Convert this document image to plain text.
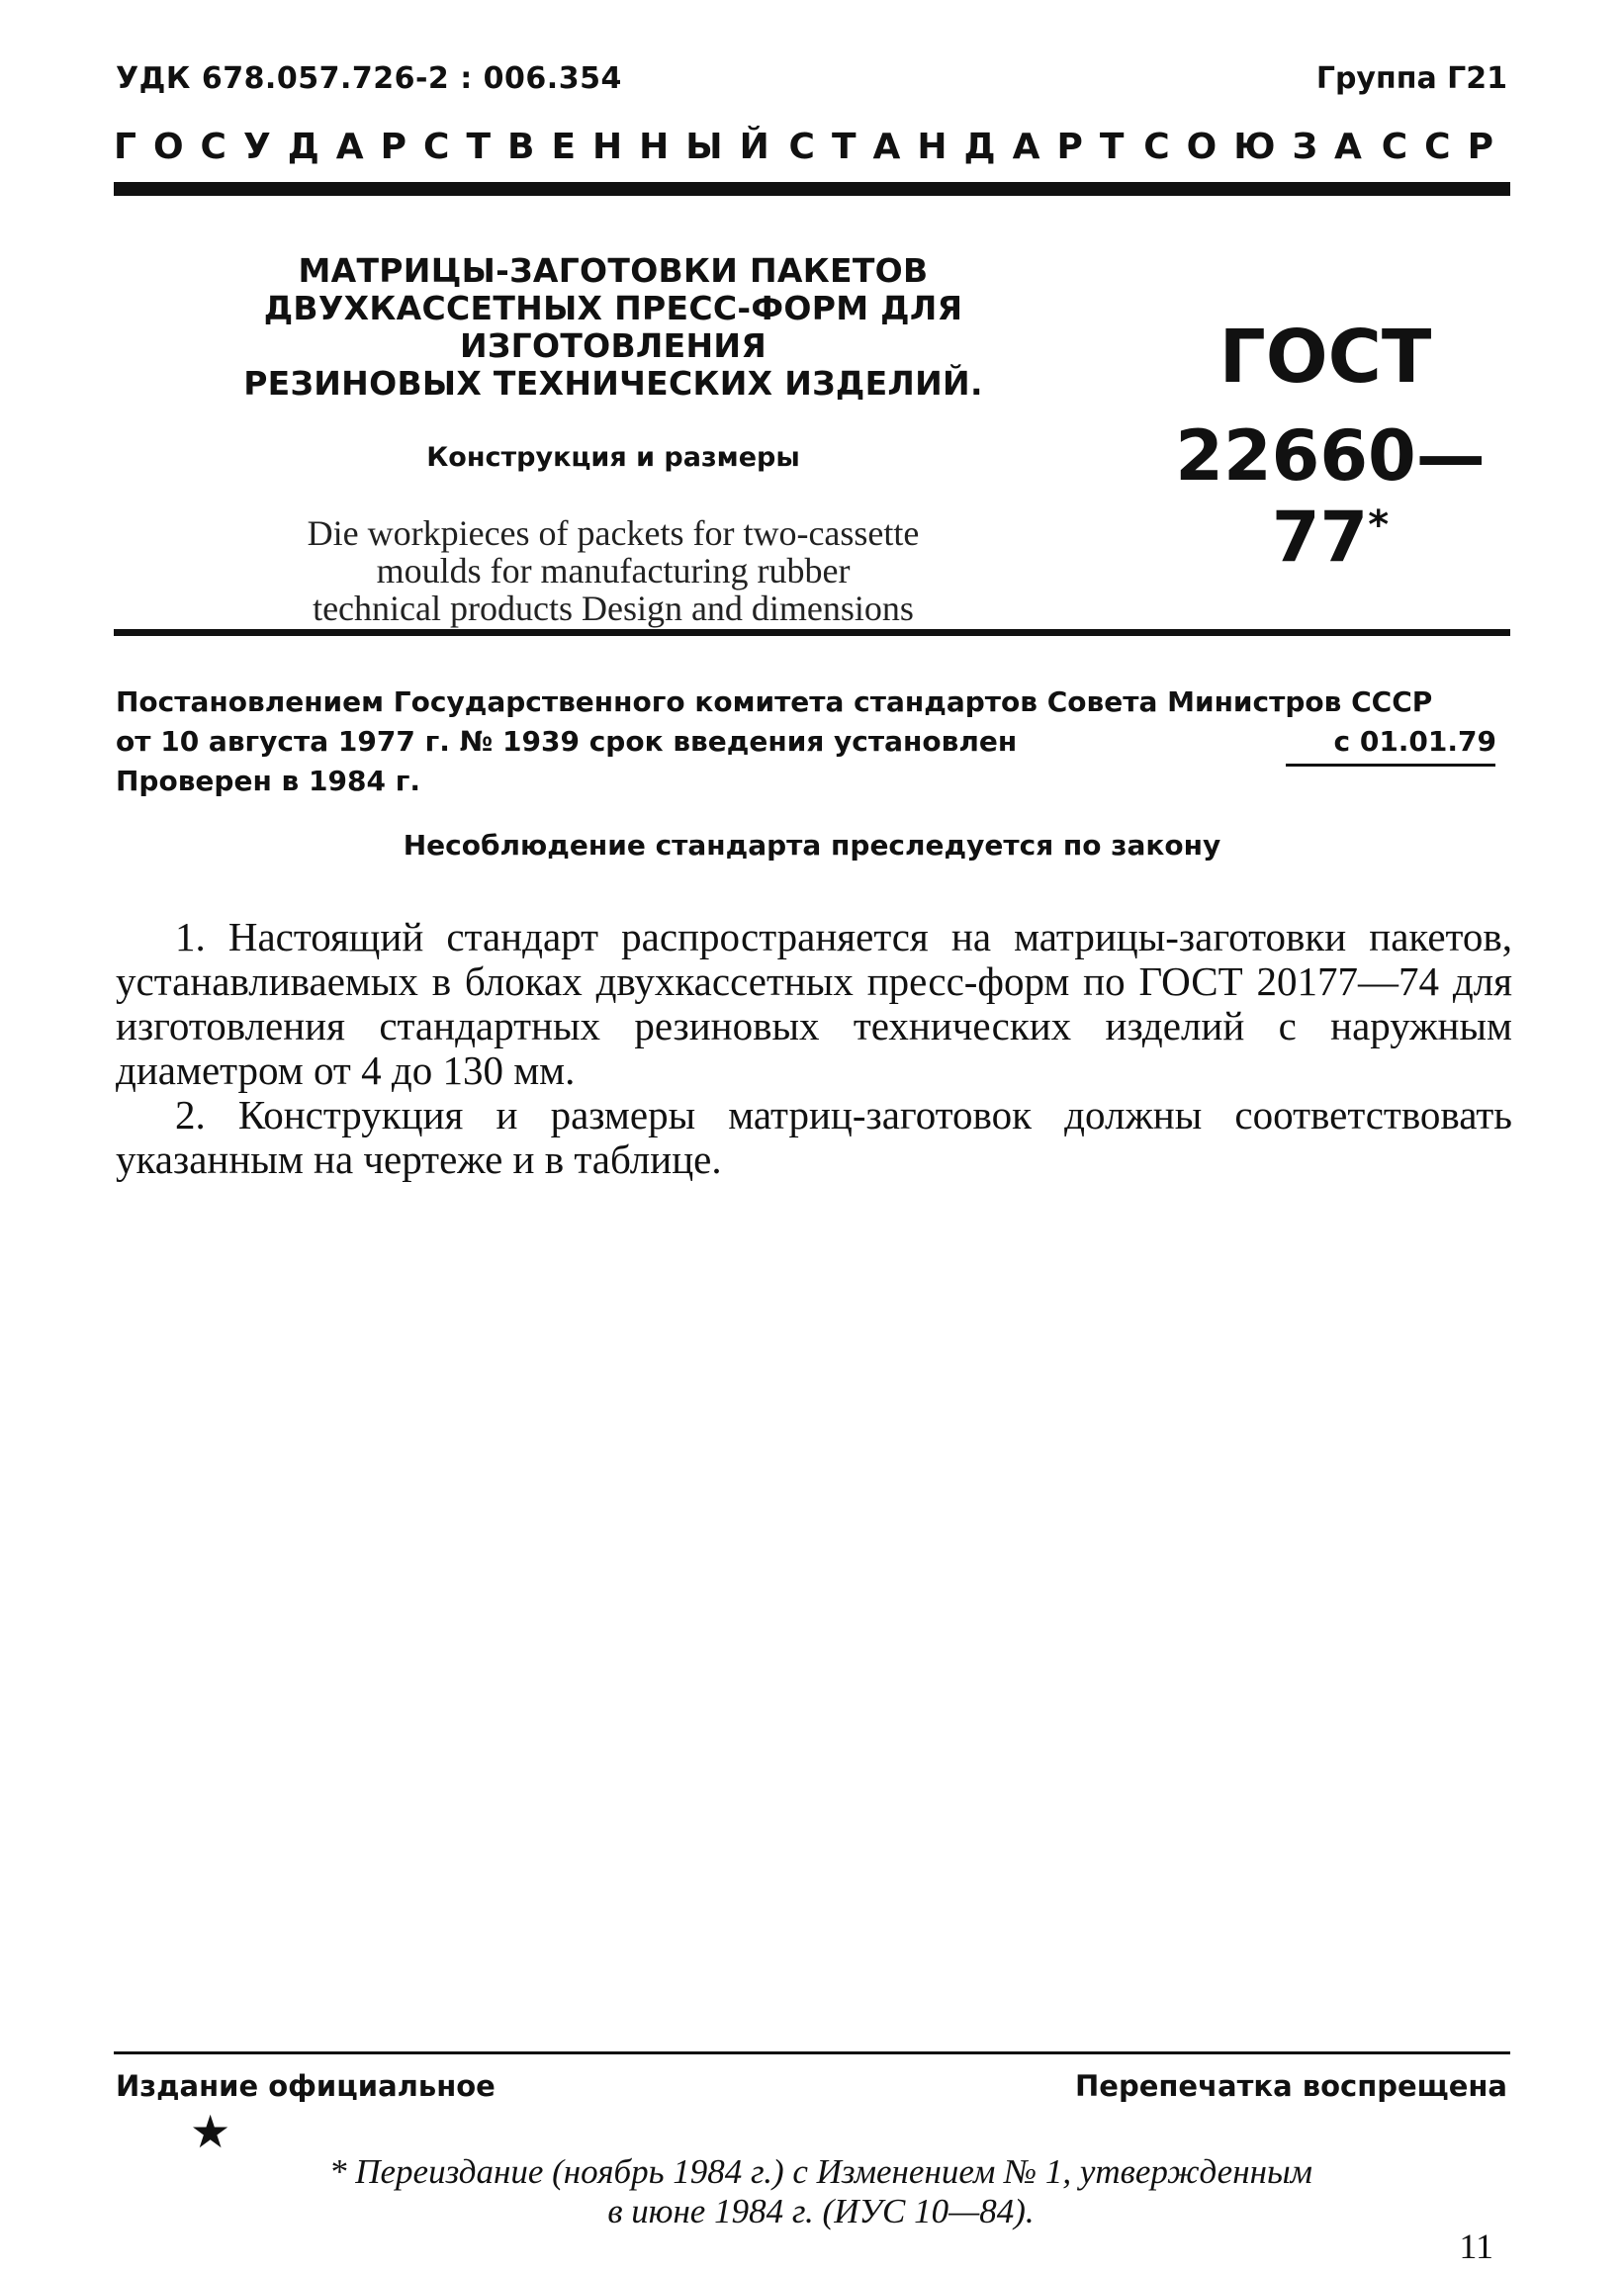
УДК 678.057.726-2 : 006.354	Группа Г21
ГОСУДАРСТВЕННЫЙ СТАНДАРТ СОЮЗА ССР
МАТРИЦЫ-ЗАГОТОВКИ ПАКЕТОВ
ДВУХКАССЕТНЫХ ПРЕСС-ФОРМ ДЛЯ ИЗГОТОВЛЕНИЯ
РЕЗИНОВЫХ ТЕХНИЧЕСКИХ ИЗДЕЛИЙ.
Конструкция и размеры
Die workpieces of packets for two-cassette
moulds for manufacturing rubber
technical products Design and dimensions
ГОСТ
22660—77*
Постановлением Государственного комитета стандартов Совета Министров СССР
от 10 августа 1977 г. № 1939 срок введения установлен	с 01.01.79
Проверен в 1984 г.
Несоблюдение стандарта преследуется по закону

1. Настоящий стандарт распространяется на матрицы-заготовки пакетов, устанавливаемых в блоках двухкассетных пресс-форм по ГОСТ 20177—74 для изготовления стандартных резиновых технических изделий с наружным диаметром от 4 до 130 мм.

2. Конструкция и размеры матриц-заготовок должны соответствовать указанным на чертеже и в таблице.

Издание официальное	Перепечатка воспрещена
★
* Переиздание (ноябрь 1984 г.) с Изменением № 1, утвержденным
в июне 1984 г. (ИУС 10—84).
11
